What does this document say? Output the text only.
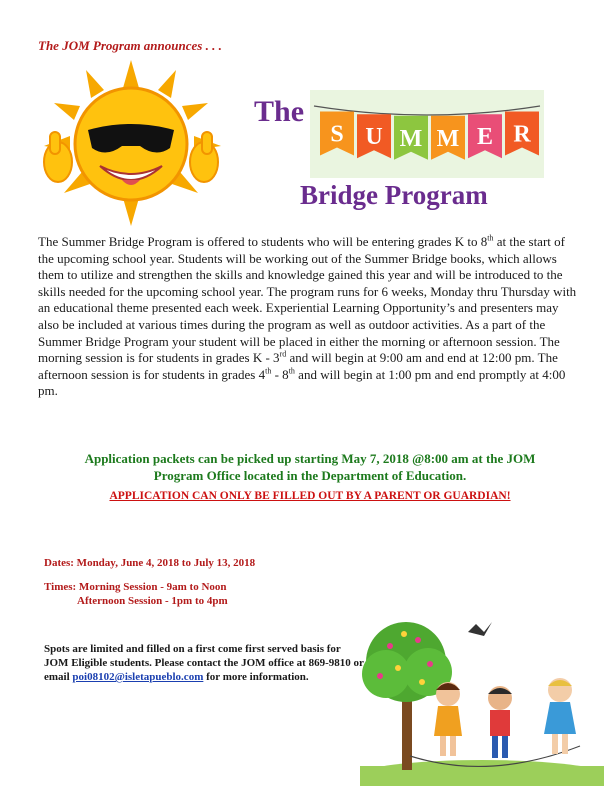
The JOM Program announces . . .
The
S U M M E R
Bridge Program
The Summer Bridge Program is offered to students who will be entering grades K to 8th at the start of the upcoming school year. Students will be working out of the Summer Bridge books, which allows them to utilize and strengthen the skills and knowledge gained this year and will be introduced to the skills needed for the upcoming school year. The program runs for 6 weeks, Monday thru Thursday with an educational theme presented each week. Experiential Learning Opportunity’s and presenters may also be included at various times during the program as well as outdoor activities. As a part of the Summer Bridge Program your student will be placed in either the morning or afternoon session. The morning session is for students in grades K - 3rd and will begin at 9:00 am and end at 12:00 pm. The afternoon session is for students in grades 4th - 8th and will begin at 1:00 pm and end promptly at 4:00 pm.
Application packets can be picked up starting May 7, 2018 @8:00 am at the JOM
Program Office located in the Department of Education.
APPLICATION CAN ONLY BE FILLED OUT BY A PARENT OR GUARDIAN!
Dates: Monday, June 4, 2018 to July 13, 2018
Times: Morning Session - 9am to Noon
Afternoon Session - 1pm to 4pm
Spots are limited and filled on a first come first served basis for JOM Eligible students. Please contact the JOM office at 869-9810 or email poi08102@isletapueblo.com for more information.
